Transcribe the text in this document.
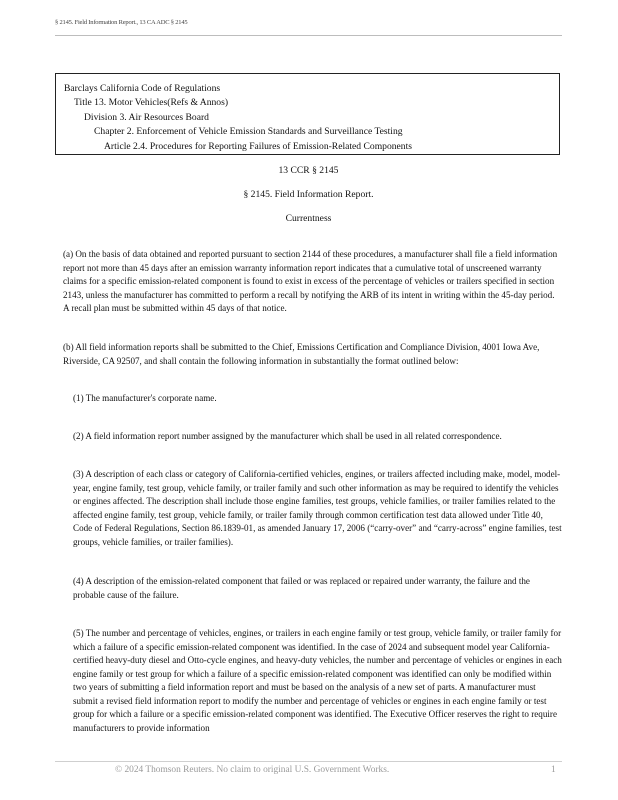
§ 2145. Field Information Report., 13 CA ADC § 2145
Barclays California Code of Regulations
Title 13. Motor Vehicles(Refs & Annos)
Division 3. Air Resources Board
Chapter 2. Enforcement of Vehicle Emission Standards and Surveillance Testing
Article 2.4. Procedures for Reporting Failures of Emission-Related Components
13 CCR § 2145
§ 2145. Field Information Report.
Currentness

(a) On the basis of data obtained and reported pursuant to section 2144 of these procedures, a manufacturer shall file a field information report not more than 45 days after an emission warranty information report indicates that a cumulative total of unscreened warranty claims for a specific emission-related component is found to exist in excess of the percentage of vehicles or trailers specified in section 2143, unless the manufacturer has committed to perform a recall by notifying the ARB of its intent in writing within the 45-day period. A recall plan must be submitted within 45 days of that notice.

(b) All field information reports shall be submitted to the Chief, Emissions Certification and Compliance Division, 4001 Iowa Ave, Riverside, CA 92507, and shall contain the following information in substantially the format outlined below:

(1) The manufacturer's corporate name.

(2) A field information report number assigned by the manufacturer which shall be used in all related correspondence.

(3) A description of each class or category of California-certified vehicles, engines, or trailers affected including make, model, model-year, engine family, test group, vehicle family, or trailer family and such other information as may be required to identify the vehicles or engines affected. The description shall include those engine families, test groups, vehicle families, or trailer families related to the affected engine family, test group, vehicle family, or trailer family through common certification test data allowed under Title 40, Code of Federal Regulations, Section 86.1839-01, as amended January 17, 2006 (“carry-over” and “carry-across” engine families, test groups, vehicle families, or trailer families).

(4) A description of the emission-related component that failed or was replaced or repaired under warranty, the failure and the probable cause of the failure.

(5) The number and percentage of vehicles, engines, or trailers in each engine family or test group, vehicle family, or trailer family for which a failure of a specific emission-related component was identified. In the case of 2024 and subsequent model year California-certified heavy-duty diesel and Otto-cycle engines, and heavy-duty vehicles, the number and percentage of vehicles or engines in each engine family or test group for which a failure of a specific emission-related component was identified can only be modified within two years of submitting a field information report and must be based on the analysis of a new set of parts. A manufacturer must submit a revised field information report to modify the number and percentage of vehicles or engines in each engine family or test group for which a failure or a specific emission-related component was identified. The Executive Officer reserves the right to require manufacturers to provide information

© 2024 Thomson Reuters. No claim to original U.S. Government Works.	1
